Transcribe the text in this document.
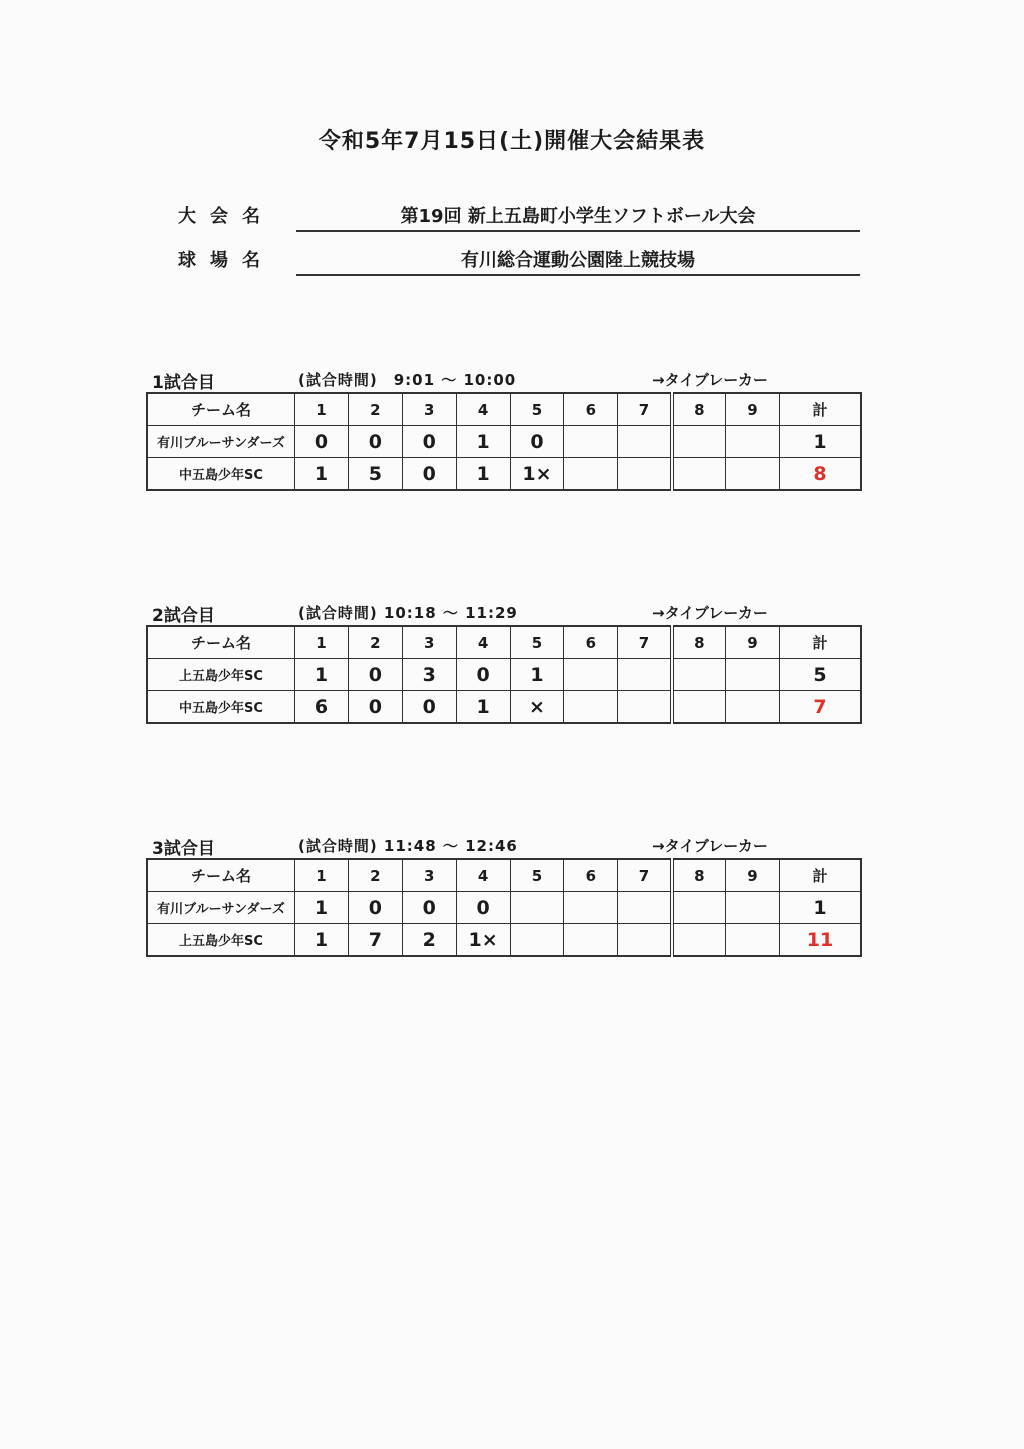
令和5年7月15日(土)開催大会結果表
大会名	第19回 新上五島町小学生ソフトボール大会
球場名	有川総合運動公園陸上競技場
1試合目	(試合時間)　9:01 ～ 10:00	→タイブレーカー
チーム名	1	2	3	4	5	6	7	8	9	計
有川ブルーサンダーズ	0	0	0	1	0					1
中五島少年SC	1	5	0	1	1×					8
2試合目	(試合時間) 10:18 ～ 11:29	→タイブレーカー
チーム名	1	2	3	4	5	6	7	8	9	計
上五島少年SC	1	0	3	0	1					5
中五島少年SC	6	0	0	1	×					7
3試合目	(試合時間) 11:48 ～ 12:46	→タイブレーカー
チーム名	1	2	3	4	5	6	7	8	9	計
有川ブルーサンダーズ	1	0	0	0						1
上五島少年SC	1	7	2	1×						11
